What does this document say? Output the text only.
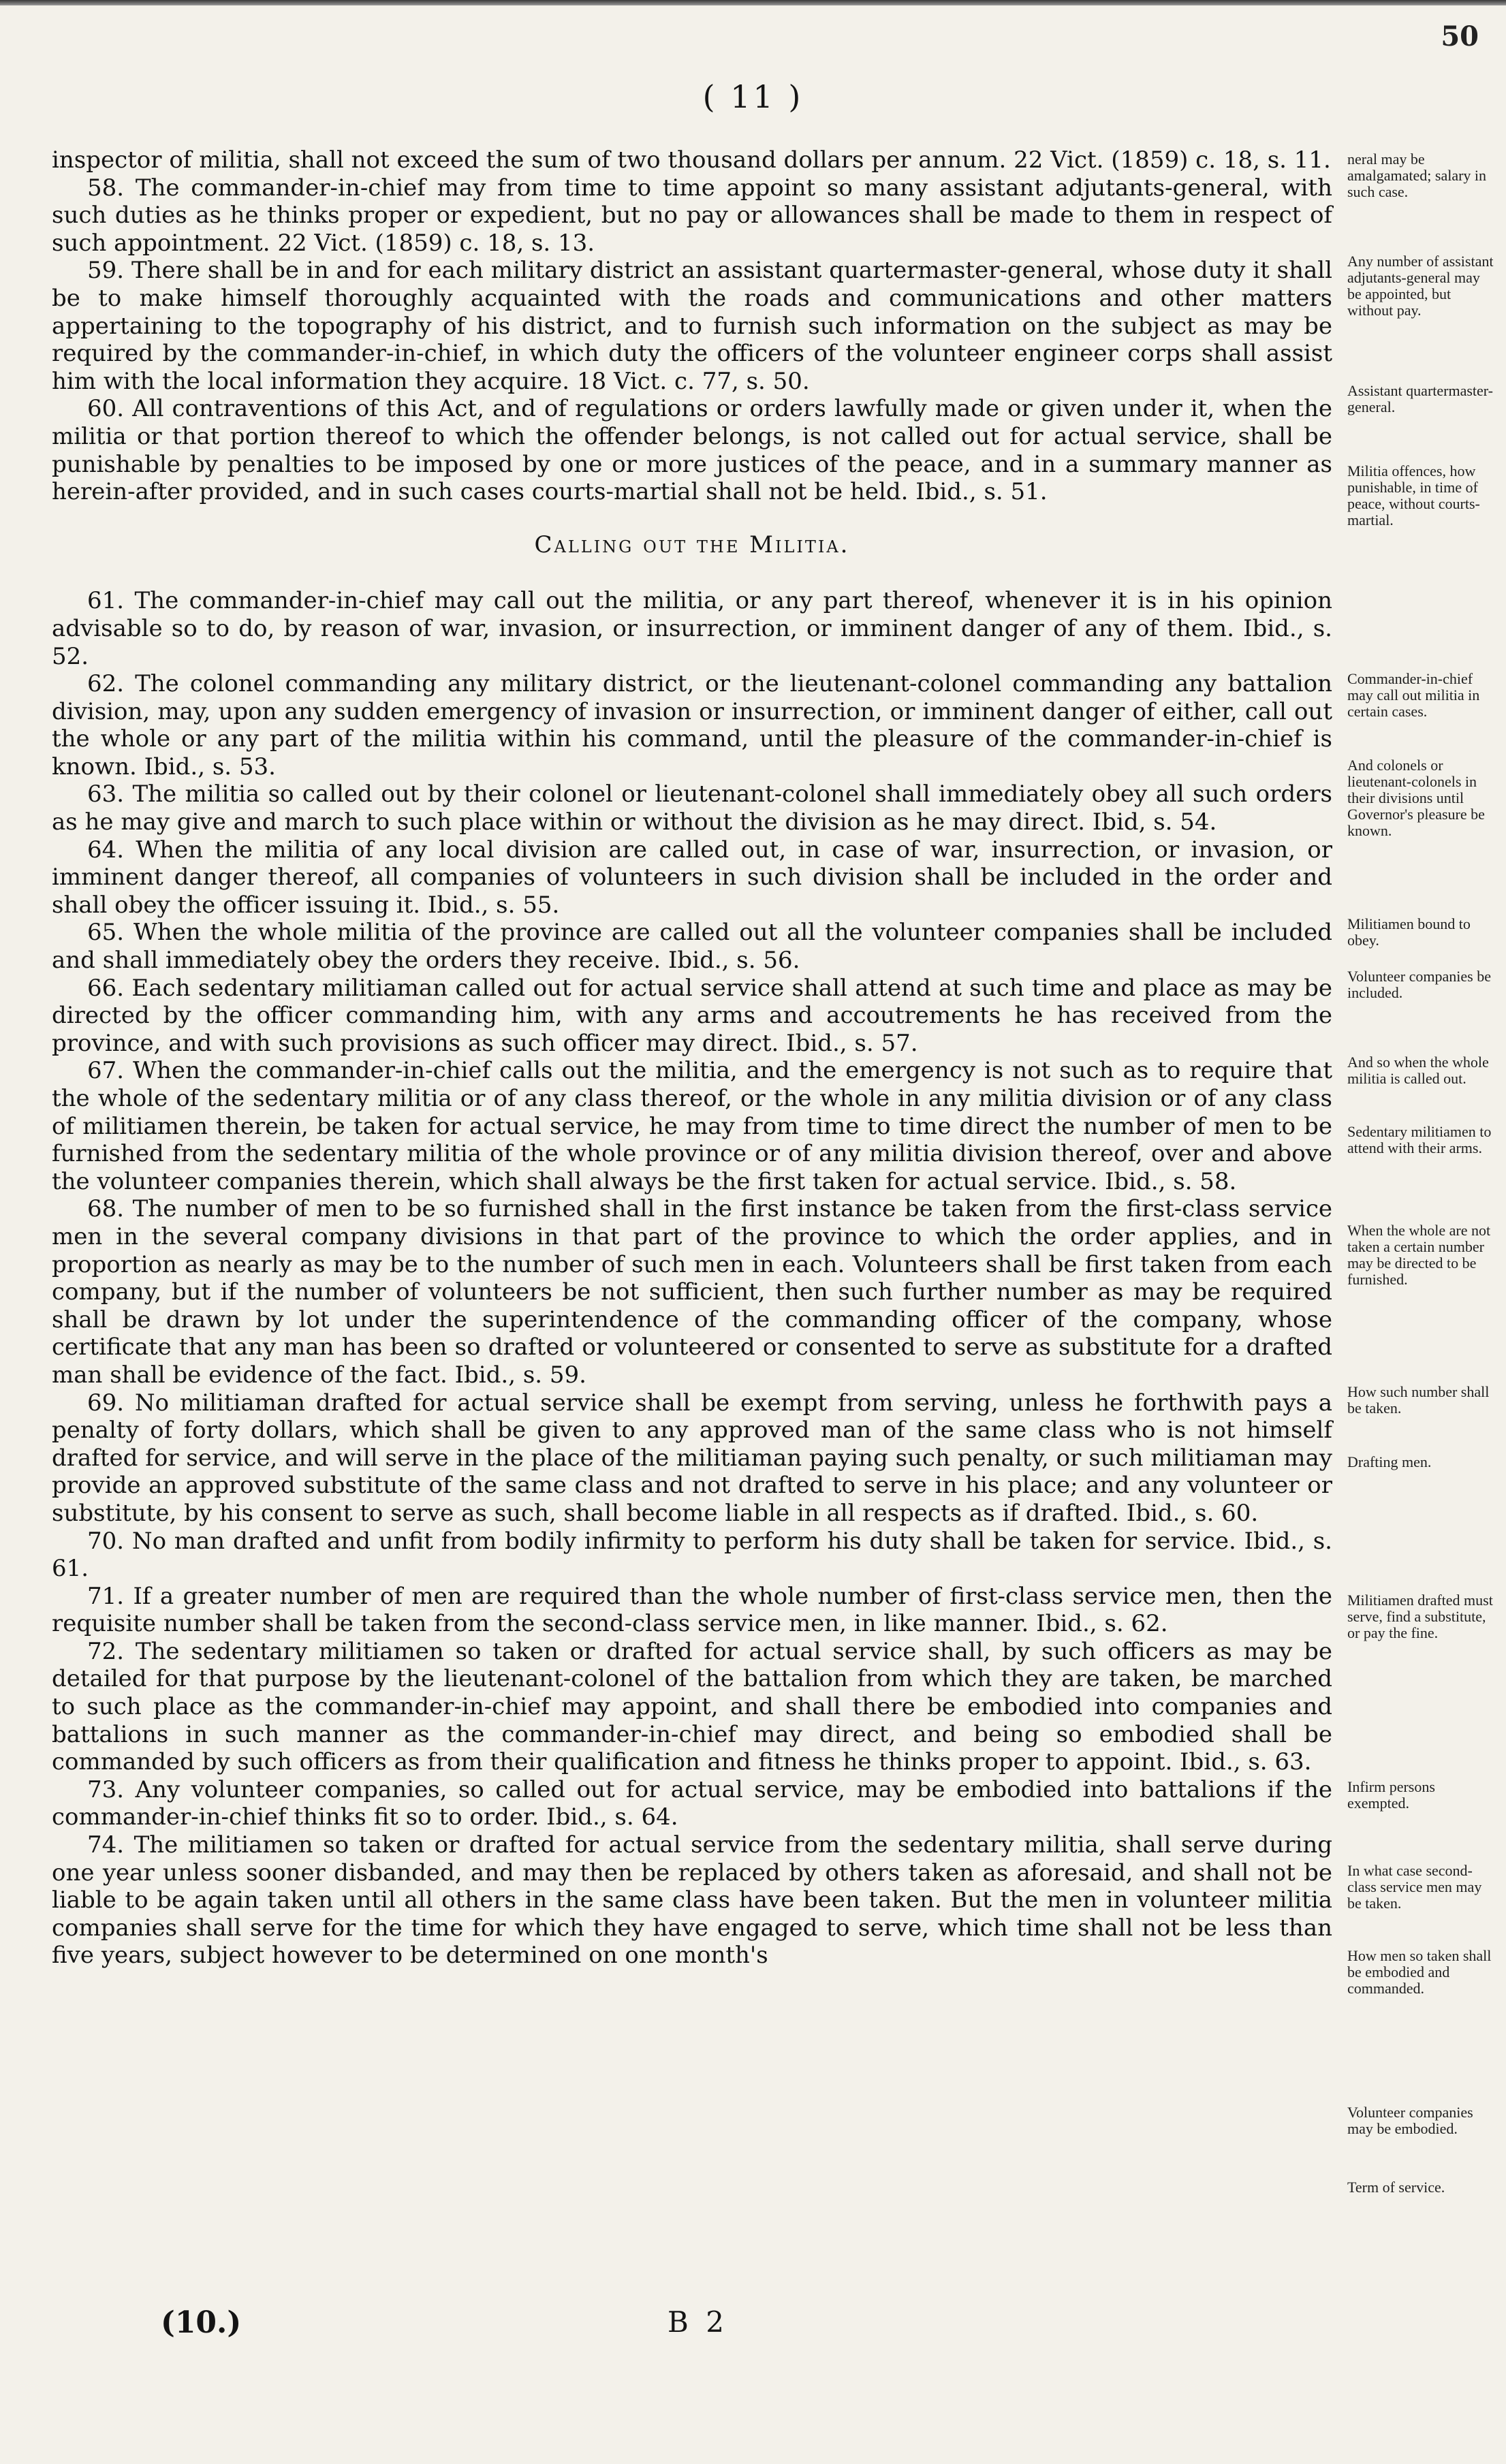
50
( 11 )

inspector of militia, shall not exceed the sum of two thousand dollars per annum. 22 Vict. (1859) c. 18, s. 11.

58. The commander-in-chief may from time to time appoint so many assistant adjutants-general, with such duties as he thinks proper or expedient, but no pay or allowances shall be made to them in respect of such appointment. 22 Vict. (1859) c. 18, s. 13.

59. There shall be in and for each military district an assistant quartermaster-general, whose duty it shall be to make himself thoroughly acquainted with the roads and communications and other matters appertaining to the topography of his district, and to furnish such information on the subject as may be required by the commander-in-chief, in which duty the officers of the volunteer engineer corps shall assist him with the local information they acquire. 18 Vict. c. 77, s. 50.

60. All contraventions of this Act, and of regulations or orders lawfully made or given under it, when the militia or that portion thereof to which the offender belongs, is not called out for actual service, shall be punishable by penalties to be imposed by one or more justices of the peace, and in a summary manner as herein-after provided, and in such cases courts-martial shall not be held. Ibid., s. 51.

Calling out the Militia.

61. The commander-in-chief may call out the militia, or any part thereof, whenever it is in his opinion advisable so to do, by reason of war, invasion, or insurrection, or imminent danger of any of them. Ibid., s. 52.

62. The colonel commanding any military district, or the lieutenant-colonel commanding any battalion division, may, upon any sudden emergency of invasion or insurrection, or imminent danger of either, call out the whole or any part of the militia within his command, until the pleasure of the commander-in-chief is known. Ibid., s. 53.

63. The militia so called out by their colonel or lieutenant-colonel shall immediately obey all such orders as he may give and march to such place within or without the division as he may direct. Ibid, s. 54.

64. When the militia of any local division are called out, in case of war, insurrection, or invasion, or imminent danger thereof, all companies of volunteers in such division shall be included in the order and shall obey the officer issuing it. Ibid., s. 55.

65. When the whole militia of the province are called out all the volunteer companies shall be included and shall immediately obey the orders they receive. Ibid., s. 56.

66. Each sedentary militiaman called out for actual service shall attend at such time and place as may be directed by the officer commanding him, with any arms and accoutrements he has received from the province, and with such provisions as such officer may direct. Ibid., s. 57.

67. When the commander-in-chief calls out the militia, and the emergency is not such as to require that the whole of the sedentary militia or of any class thereof, or the whole in any militia division or of any class of militiamen therein, be taken for actual service, he may from time to time direct the number of men to be furnished from the sedentary militia of the whole province or of any militia division thereof, over and above the volunteer companies therein, which shall always be the first taken for actual service. Ibid., s. 58.

68. The number of men to be so furnished shall in the first instance be taken from the first-class service men in the several company divisions in that part of the province to which the order applies, and in proportion as nearly as may be to the number of such men in each. Volunteers shall be first taken from each company, but if the number of volunteers be not sufficient, then such further number as may be required shall be drawn by lot under the superintendence of the commanding officer of the company, whose certificate that any man has been so drafted or volunteered or consented to serve as substitute for a drafted man shall be evidence of the fact. Ibid., s. 59.

69. No militiaman drafted for actual service shall be exempt from serving, unless he forthwith pays a penalty of forty dollars, which shall be given to any approved man of the same class who is not himself drafted for service, and will serve in the place of the militiaman paying such penalty, or such militiaman may provide an approved substitute of the same class and not drafted to serve in his place; and any volunteer or substitute, by his consent to serve as such, shall become liable in all respects as if drafted. Ibid., s. 60.

70. No man drafted and unfit from bodily infirmity to perform his duty shall be taken for service. Ibid., s. 61.

71. If a greater number of men are required than the whole number of first-class service men, then the requisite number shall be taken from the second-class service men, in like manner. Ibid., s. 62.

72. The sedentary militiamen so taken or drafted for actual service shall, by such officers as may be detailed for that purpose by the lieutenant-colonel of the battalion from which they are taken, be marched to such place as the commander-in-chief may appoint, and shall there be embodied into companies and battalions in such manner as the commander-in-chief may direct, and being so embodied shall be commanded by such officers as from their qualification and fitness he thinks proper to appoint. Ibid., s. 63.

73. Any volunteer companies, so called out for actual service, may be embodied into battalions if the commander-in-chief thinks fit so to order. Ibid., s. 64.

74. The militiamen so taken or drafted for actual service from the sedentary militia, shall serve during one year unless sooner disbanded, and may then be replaced by others taken as aforesaid, and shall not be liable to be again taken until all others in the same class have been taken. But the men in volunteer militia companies shall serve for the time for which they have engaged to serve, which time shall not be less than five years, subject however to be determined on one month's

neral may be amalgamated; salary in such case.
Any number of assistant adjutants-general may be appointed, but without pay.
Assistant quartermaster-general.
Militia offences, how punishable, in time of peace, without courts-martial.
Commander-in-chief may call out militia in certain cases.
And colonels or lieutenant-colonels in their divisions until Governor's pleasure be known.
Militiamen bound to obey.
Volunteer companies be included.
And so when the whole militia is called out.
Sedentary militiamen to attend with their arms.
When the whole are not taken a certain number may be directed to be furnished.
How such number shall be taken.
Drafting men.
Militiamen drafted must serve, find a substitute, or pay the fine.
Infirm persons exempted.
In what case second-class service men may be taken.
How men so taken shall be embodied and commanded.
Volunteer companies may be embodied.
Term of service.
(10.)	B 2
